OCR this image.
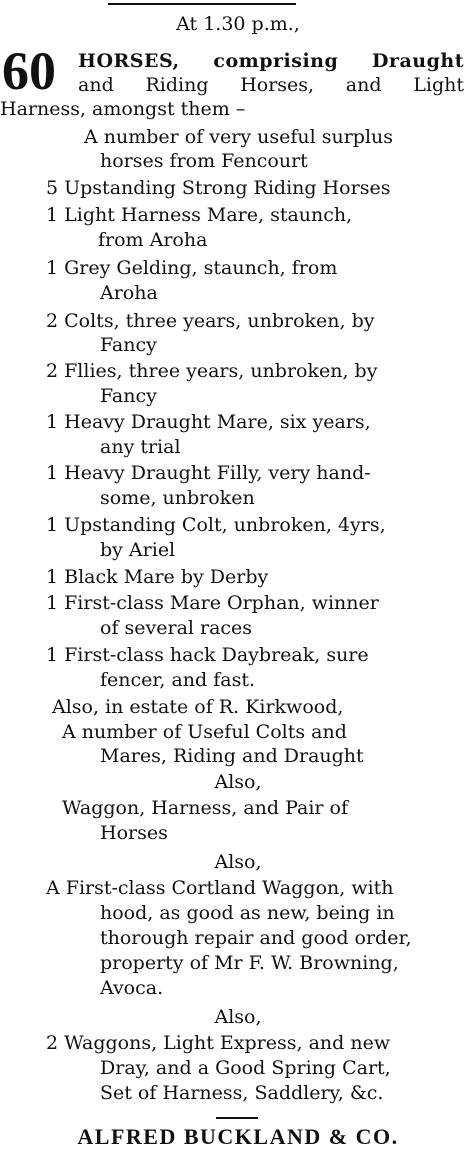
At 1.30 p.m.,
60 HORSES, comprising Draught
and Riding Horses, and Light
Harness, amongst them –
A number of very useful surplus
horses from Fencourt
5 Upstanding Strong Riding Horses
1 Light Harness Mare, staunch,
from Aroha
1 Grey Gelding, staunch, from
Aroha
2 Colts, three years, unbroken, by
Fancy
2 Fllies, three years, unbroken, by
Fancy
1 Heavy Draught Mare, six years,
any trial
1 Heavy Draught Filly, very hand-
some, unbroken
1 Upstanding Colt, unbroken, 4yrs,
by Ariel
1 Black Mare by Derby
1 First-class Mare Orphan, winner
of several races
1 First-class hack Daybreak, sure
fencer, and fast.
Also, in estate of R. Kirkwood,
A number of Useful Colts and
Mares, Riding and Draught
Also,
Waggon, Harness, and Pair of
Horses
Also,
A First-class Cortland Waggon, with
hood, as good as new, being in
thorough repair and good order,
property of Mr F. W. Browning,
Avoca.
Also,
2 Waggons, Light Express, and new
Dray, and a Good Spring Cart,
Set of Harness, Saddlery, &c.
ALFRED BUCKLAND & CO.
